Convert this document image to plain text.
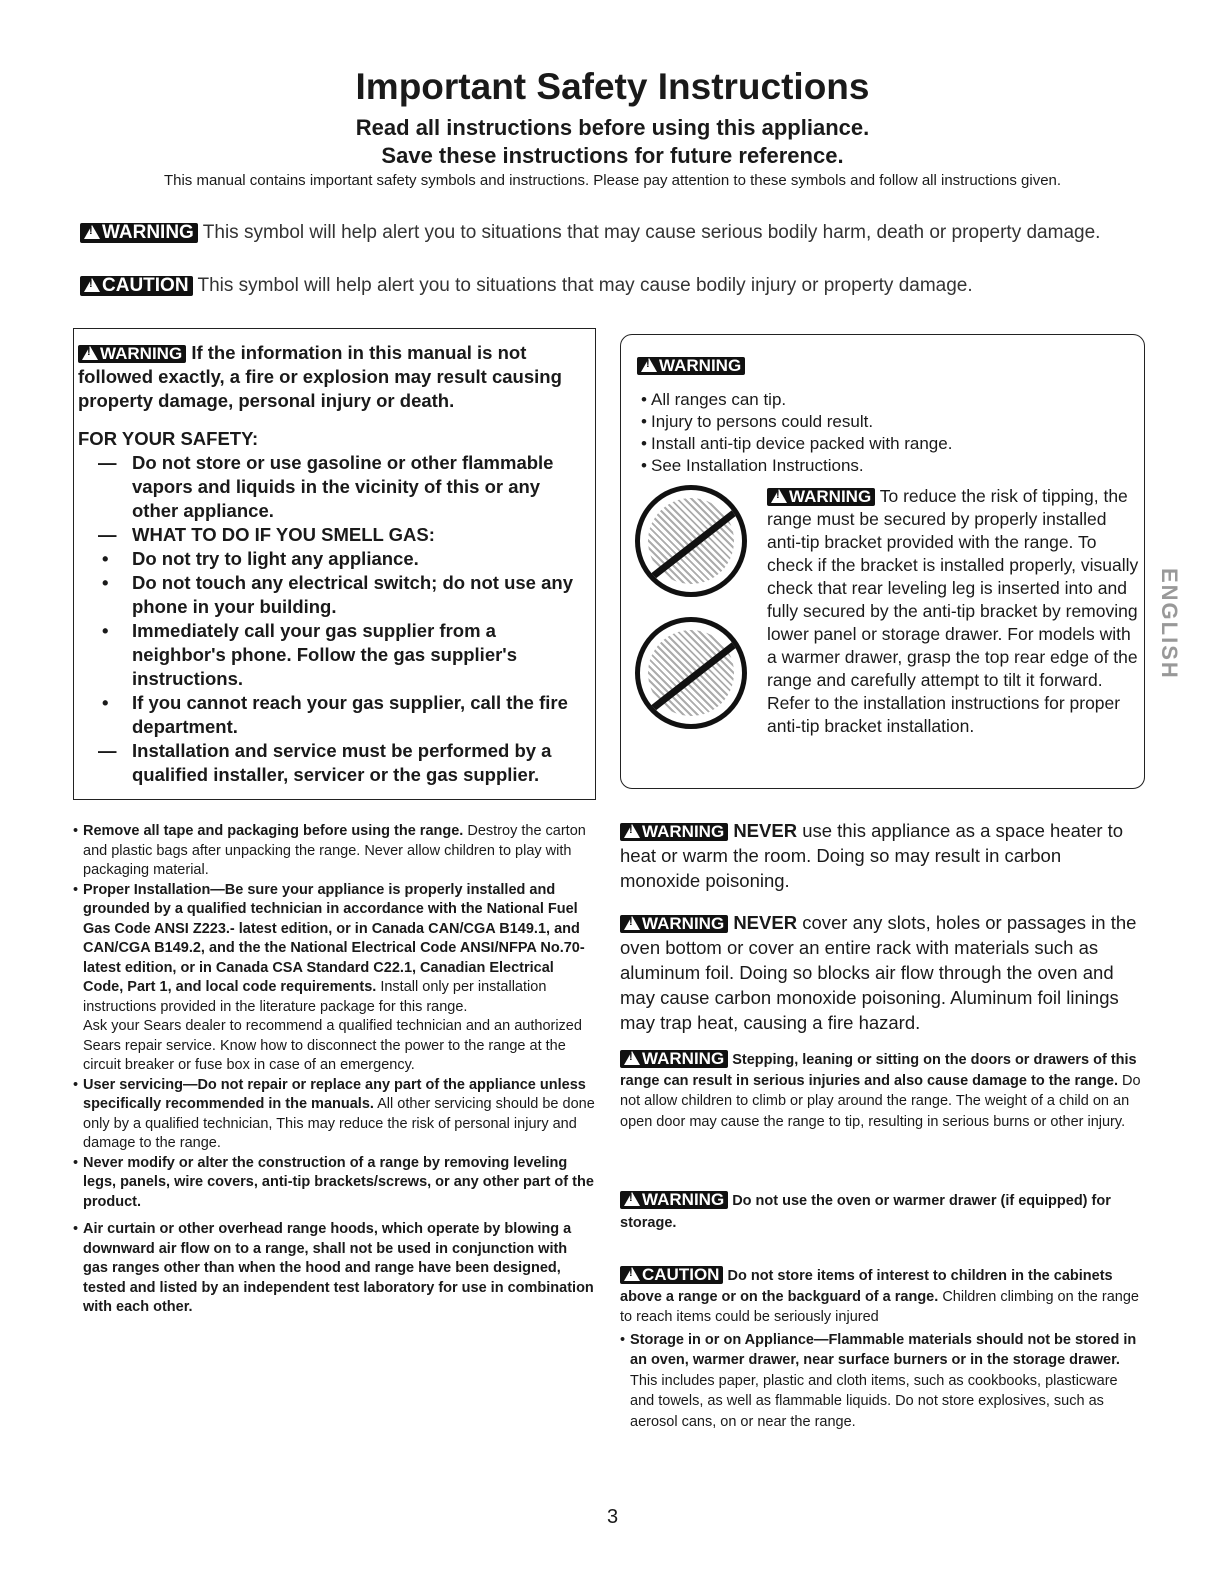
Important Safety Instructions
Read all instructions before using this appliance.
Save these instructions for future reference.
This manual contains important safety symbols and instructions. Please pay attention to these symbols and follow all instructions given.
!WARNING This symbol will help alert you to situations that may cause serious bodily harm, death or property damage.
!CAUTION This symbol will help alert you to situations that may cause bodily injury or property damage.
!WARNING If the information in this manual is not followed exactly, a fire or explosion may result causing property damage, personal injury or death.
FOR YOUR SAFETY:
— Do not store or use gasoline or other flammable vapors and liquids in the vicinity of this or any other appliance.
— WHAT TO DO IF YOU SMELL GAS:
• Do not try to light any appliance.
• Do not touch any electrical switch; do not use any phone in your building.
• Immediately call your gas supplier from a neighbor's phone. Follow the gas supplier's instructions.
• If you cannot reach your gas supplier, call the fire department.
— Installation and service must be performed by a qualified installer, servicer or the gas supplier.
!WARNING
• All ranges can tip.
• Injury to persons could result.
• Install anti-tip device packed with range.
• See Installation Instructions.
!WARNING To reduce the risk of tipping, the range must be secured by properly installed anti-tip bracket provided with the range. To check if the bracket is installed properly, visually check that rear leveling leg is inserted into and fully secured by the anti-tip bracket by removing lower panel or storage drawer. For models with a warmer drawer, grasp the top rear edge of the range and carefully attempt to tilt it forward. Refer to the installation instructions for proper anti-tip bracket installation.
• Remove all tape and packaging before using the range. Destroy the carton and plastic bags after unpacking the range. Never allow children to play with packaging material.
• Proper Installation—Be sure your appliance is properly installed and grounded by a qualified technician in accordance with the National Fuel Gas Code ANSI Z223.- latest edition, or in Canada CAN/CGA B149.1, and CAN/CGA B149.2, and the the National Electrical Code ANSI/NFPA No.70-latest edition, or in Canada CSA Standard C22.1, Canadian Electrical Code, Part 1, and local code requirements. Install only per installation instructions provided in the literature package for this range.
Ask your Sears dealer to recommend a qualified technician and an authorized Sears repair service. Know how to disconnect the power to the range at the circuit breaker or fuse box in case of an emergency.
• User servicing—Do not repair or replace any part of the appliance unless specifically recommended in the manuals. All other servicing should be done only by a qualified technician, This may reduce the risk of personal injury and damage to the range.
• Never modify or alter the construction of a range by removing leveling legs, panels, wire covers, anti-tip brackets/screws, or any other part of the product.
• Air curtain or other overhead range hoods, which operate by blowing a downward air flow on to a range, shall not be used in conjunction with gas ranges other than when the hood and range have been designed, tested and listed by an independent test laboratory for use in combination with each other.
!WARNING NEVER use this appliance as a space heater to heat or warm the room. Doing so may result in carbon monoxide poisoning.
!WARNING NEVER cover any slots, holes or passages in the oven bottom or cover an entire rack with materials such as aluminum foil. Doing so blocks air flow through the oven and may cause carbon monoxide poisoning. Aluminum foil linings may trap heat, causing a fire hazard.
!WARNING Stepping, leaning or sitting on the doors or drawers of this range can result in serious injuries and also cause damage to the range. Do not allow children to climb or play around the range. The weight of a child on an open door may cause the range to tip, resulting in serious burns or other injury.
!WARNING Do not use the oven or warmer drawer (if equipped) for storage.
!CAUTION Do not store items of interest to children in the cabinets above a range or on the backguard of a range. Children climbing on the range to reach items could be seriously injured
• Storage in or on Appliance—Flammable materials should not be stored in an oven, warmer drawer, near surface burners or in the storage drawer. This includes paper, plastic and cloth items, such as cookbooks, plasticware and towels, as well as flammable liquids. Do not store explosives, such as aerosol cans, on or near the range.
ENGLISH
3
